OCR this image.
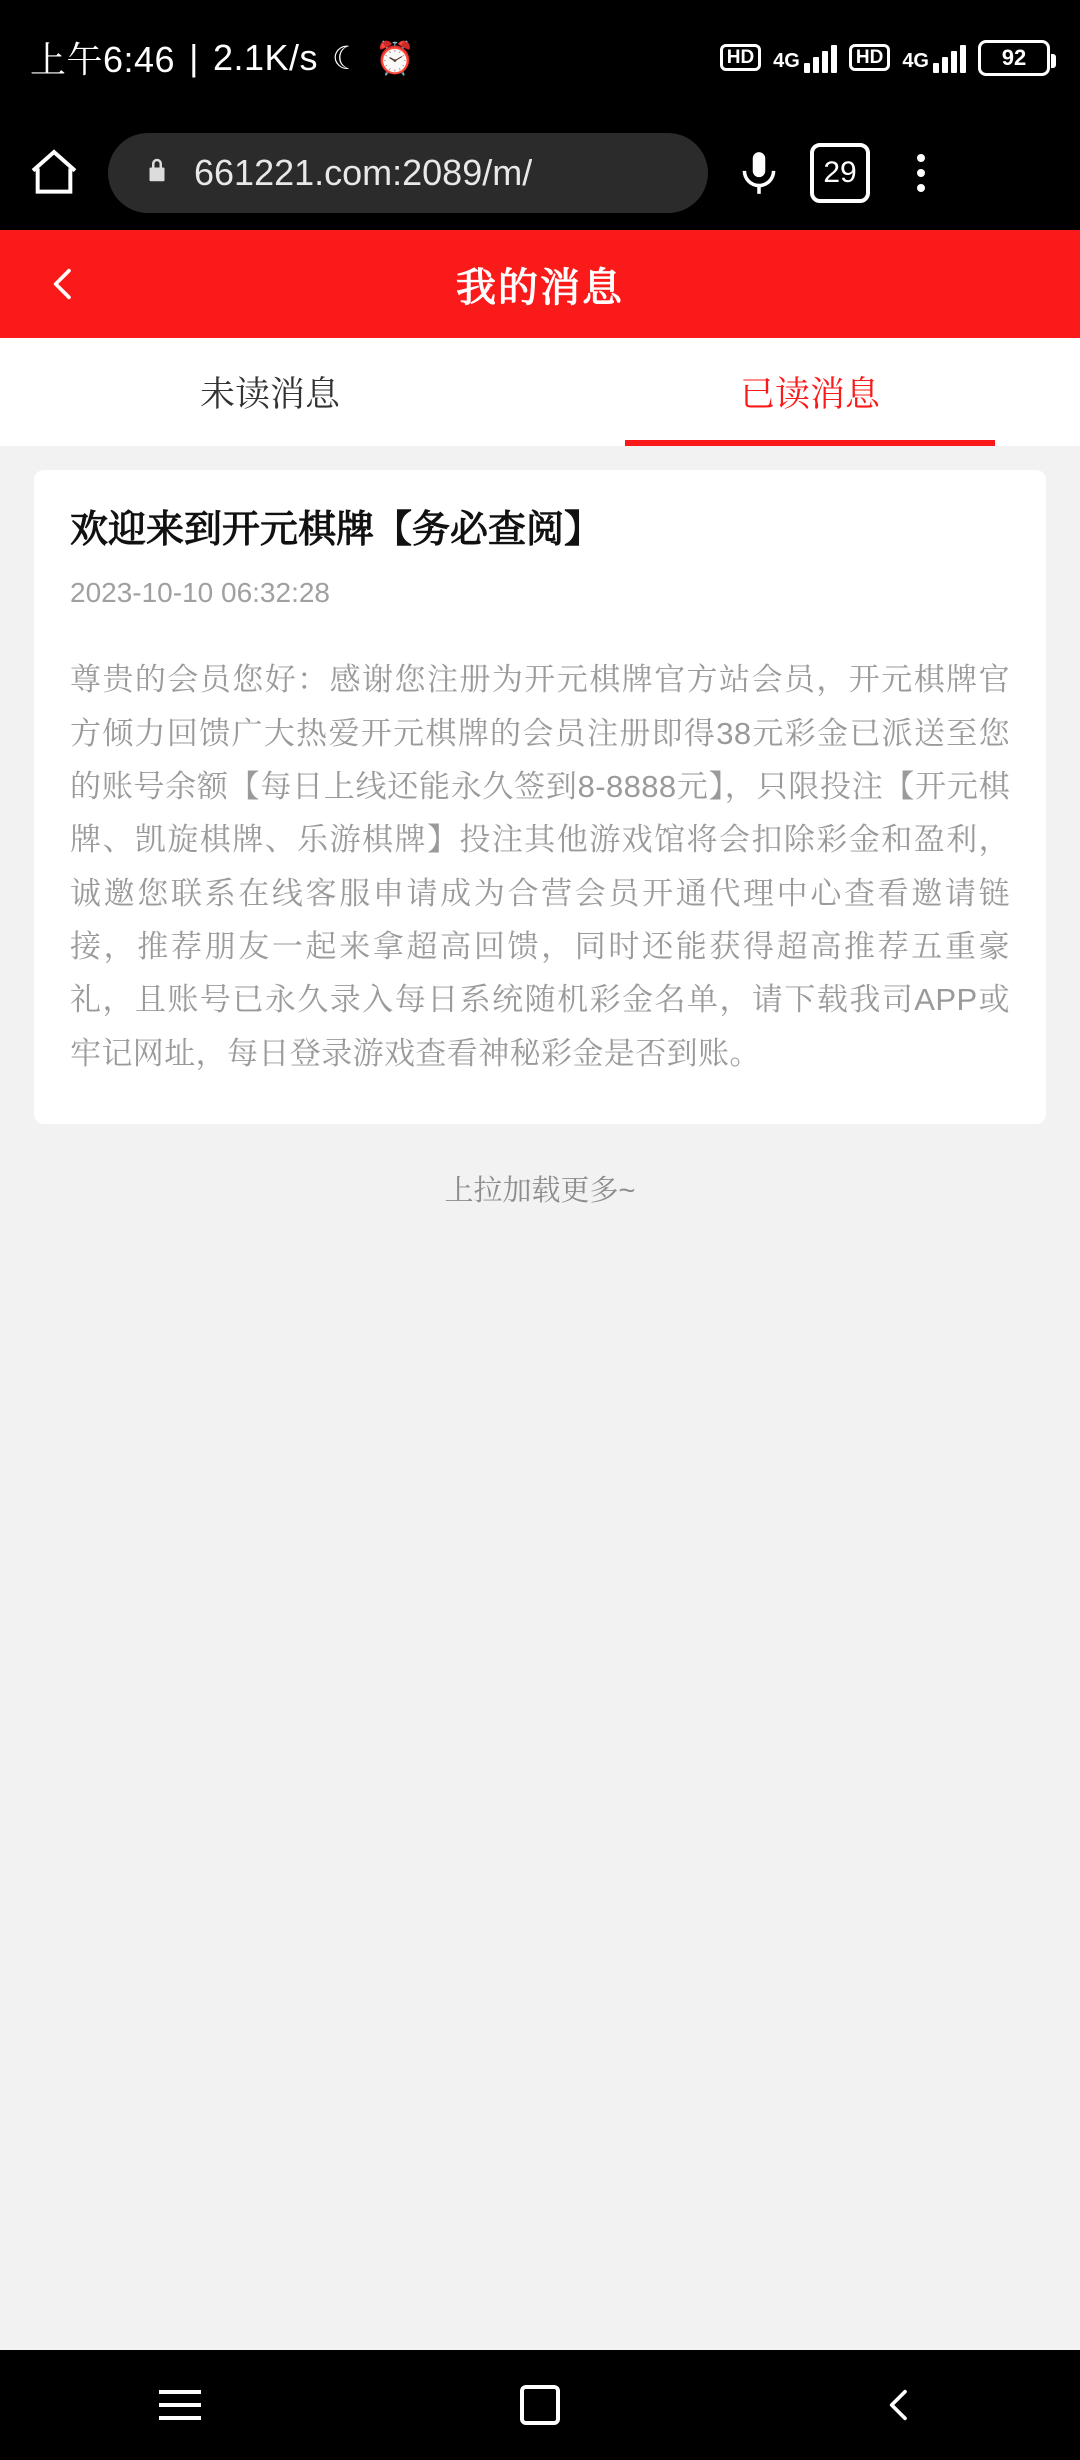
上午6:46 | 2.1K/s ☾ ⏰	HD 4G	HD 4G	92
661221.com:2089/m/	29
我的消息
未读消息	已读消息
欢迎来到开元棋牌【务必查阅】
2023-10-10 06:32:28
尊贵的会员您好：感谢您注册为开元棋牌官方站会员，开元棋牌官方倾力回馈广大热爱开元棋牌的会员注册即得38元彩金已派送至您的账号余额【每日上线还能永久签到8-8888元】，只限投注【开元棋牌、凯旋棋牌、乐游棋牌】投注其他游戏馆将会扣除彩金和盈利，诚邀您联系在线客服申请成为合营会员开通代理中心查看邀请链接，推荐朋友一起来拿超高回馈，同时还能获得超高推荐五重豪礼，且账号已永久录入每日系统随机彩金名单，请下载我司APP或牢记网址，每日登录游戏查看神秘彩金是否到账。
上拉加载更多~
